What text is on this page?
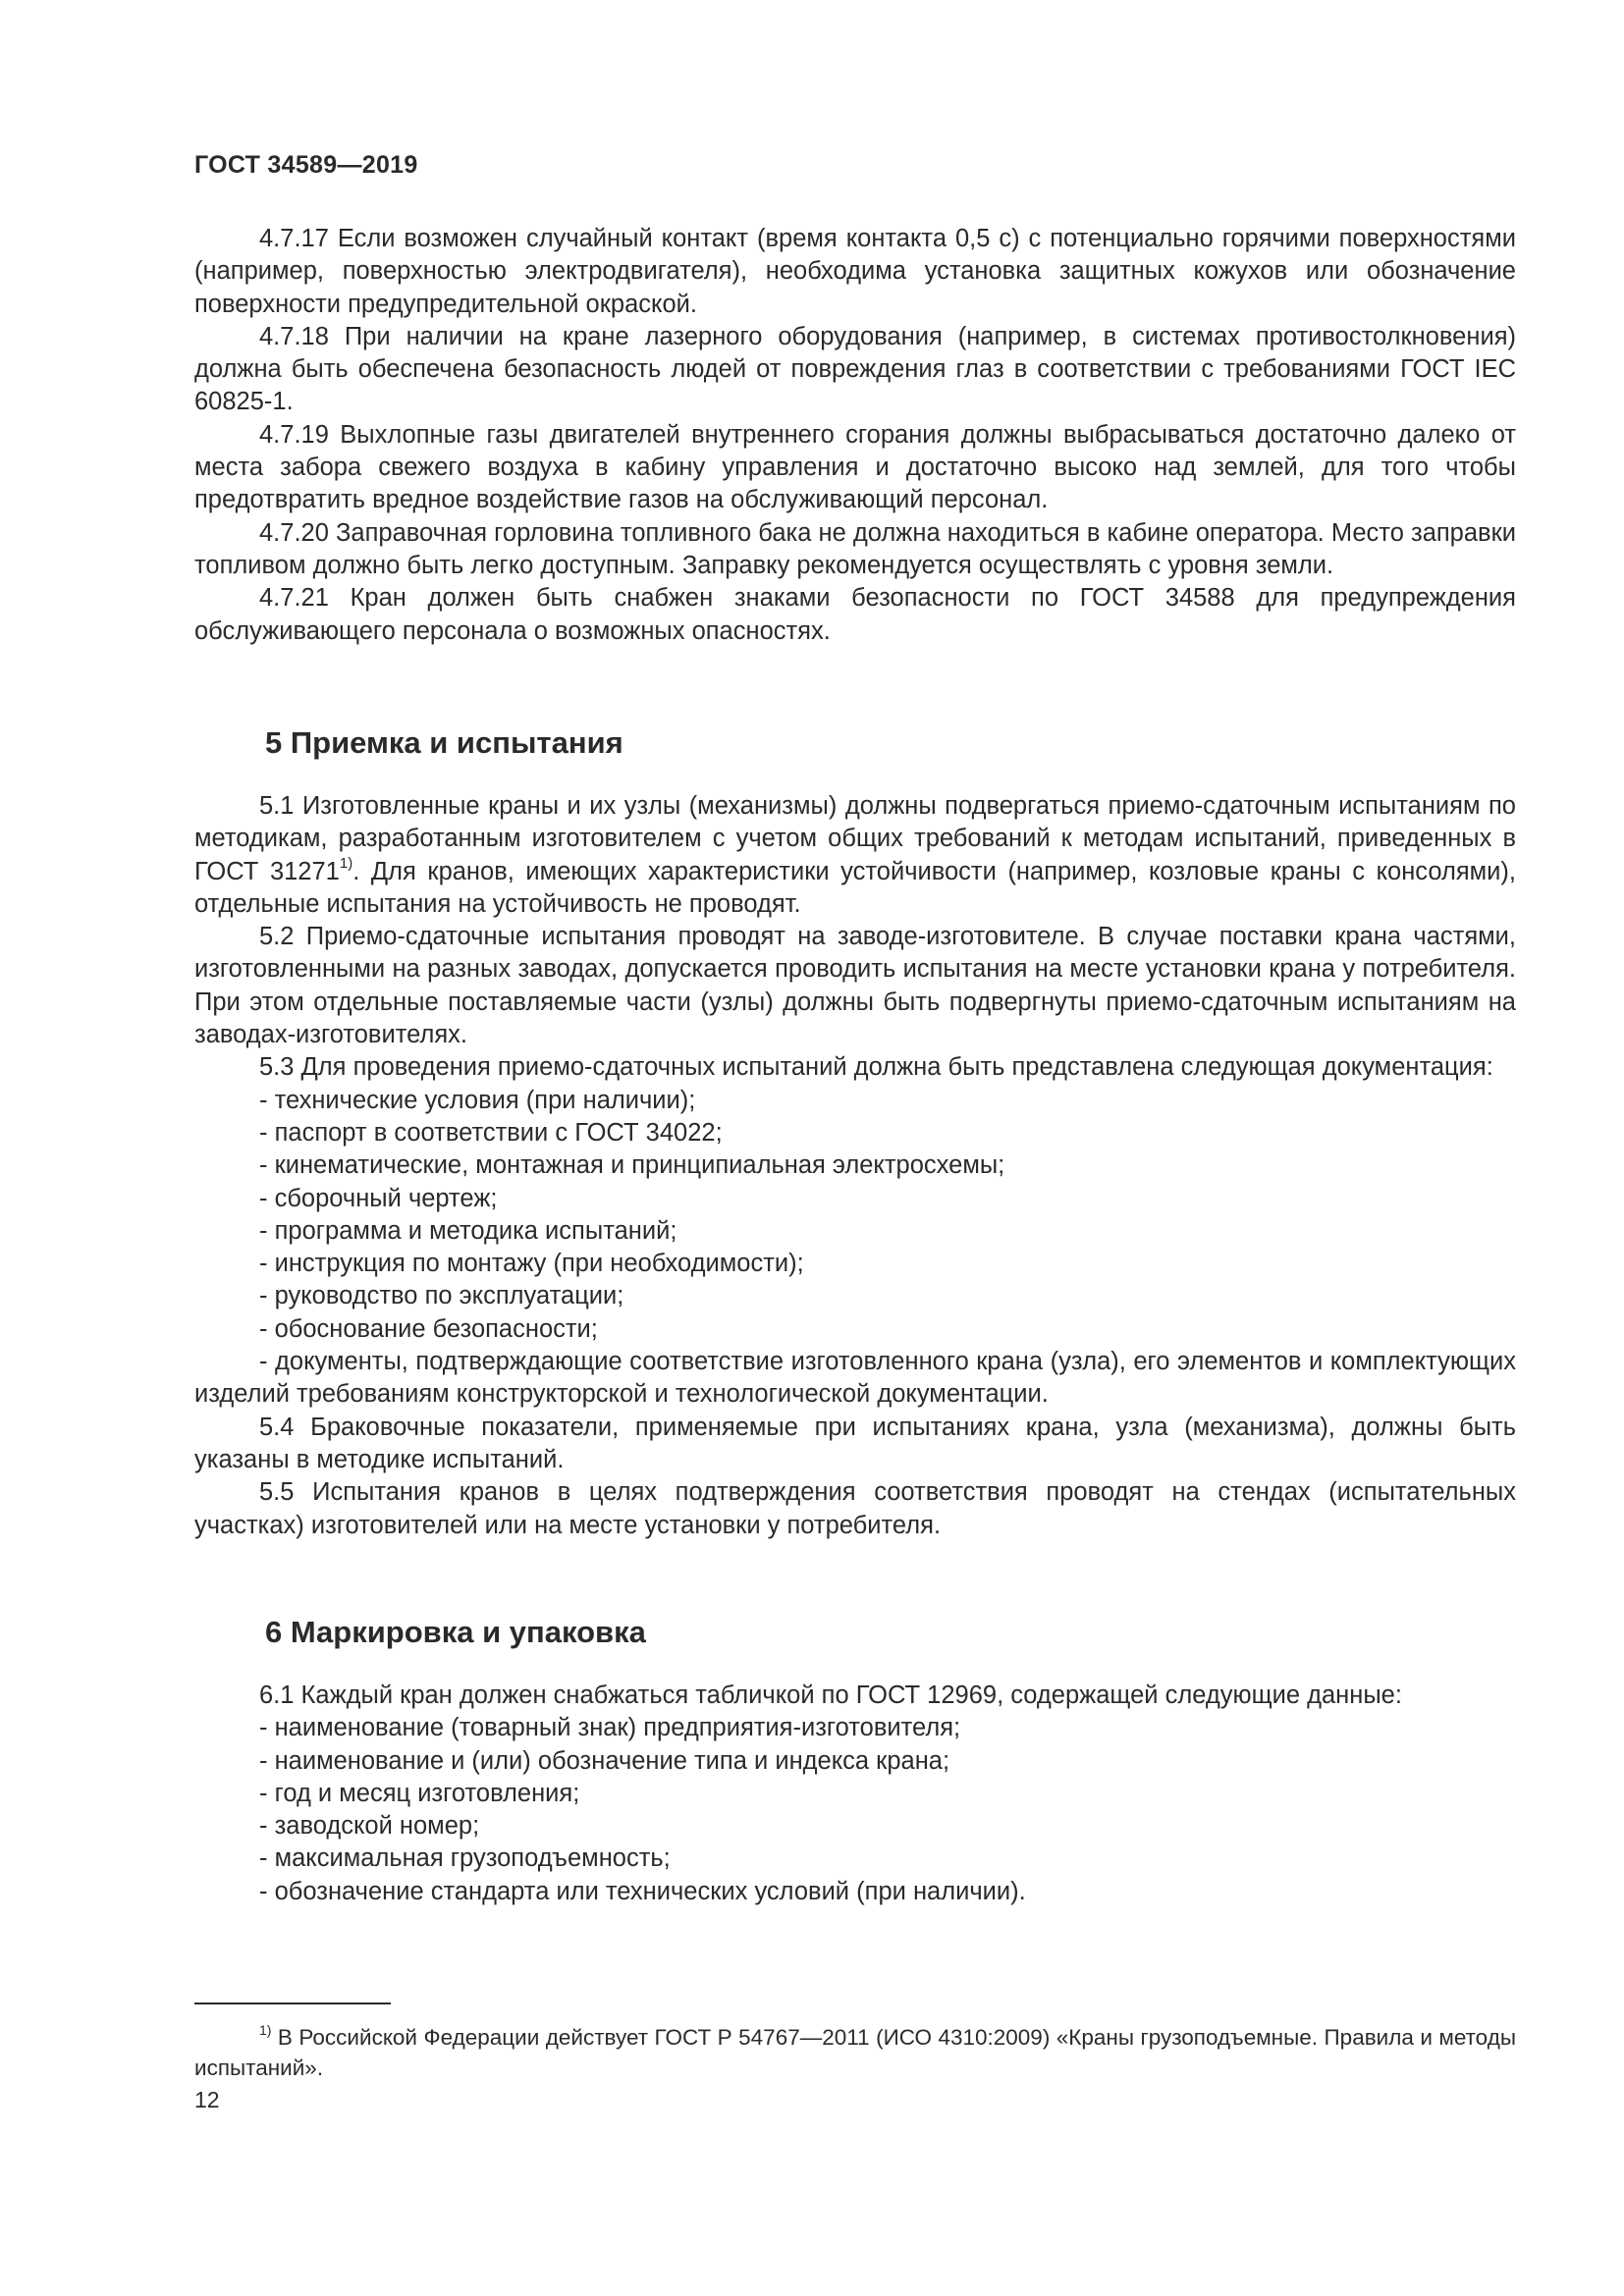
ГОСТ 34589—2019

4.7.17 Если возможен случайный контакт (время контакта 0,5 с) с потенциально горячими поверхностями (например, поверхностью электродвигателя), необходима установка защитных кожухов или обозначение поверхности предупредительной окраской.

4.7.18 При наличии на кране лазерного оборудования (например, в системах противостолкновения) должна быть обеспечена безопасность людей от повреждения глаз в соответствии с требованиями ГОСТ IEC 60825-1.

4.7.19 Выхлопные газы двигателей внутреннего сгорания должны выбрасываться достаточно далеко от места забора свежего воздуха в кабину управления и достаточно высоко над землей, для того чтобы предотвратить вредное воздействие газов на обслуживающий персонал.

4.7.20 Заправочная горловина топливного бака не должна находиться в кабине оператора. Место заправки топливом должно быть легко доступным. Заправку рекомендуется осуществлять с уровня земли.

4.7.21 Кран должен быть снабжен знаками безопасности по ГОСТ 34588 для предупреждения обслуживающего персонала о возможных опасностях.

5 Приемка и испытания

5.1 Изготовленные краны и их узлы (механизмы) должны подвергаться приемо-сдаточным испытаниям по методикам, разработанным изготовителем с учетом общих требований к методам испытаний, приведенных в ГОСТ 31271$^{1)}$. Для кранов, имеющих характеристики устойчивости (например, козловые краны с консолями), отдельные испытания на устойчивость не проводят.

5.2 Приемо-сдаточные испытания проводят на заводе-изготовителе. В случае поставки крана частями, изготовленными на разных заводах, допускается проводить испытания на месте установки крана у потребителя. При этом отдельные поставляемые части (узлы) должны быть подвергнуты приемо-сдаточным испытаниям на заводах-изготовителях.

5.3 Для проведения приемо-сдаточных испытаний должна быть представлена следующая документация:

- технические условия (при наличии);
- паспорт в соответствии с ГОСТ 34022;
- кинематические, монтажная и принципиальная электросхемы;
- сборочный чертеж;
- программа и методика испытаний;
- инструкция по монтажу (при необходимости);
- руководство по эксплуатации;
- обоснование безопасности;

- документы, подтверждающие соответствие изготовленного крана (узла), его элементов и комплектующих изделий требованиям конструкторской и технологической документации.

5.4 Браковочные показатели, применяемые при испытаниях крана, узла (механизма), должны быть указаны в методике испытаний.

5.5 Испытания кранов в целях подтверждения соответствия проводят на стендах (испытательных участках) изготовителей или на месте установки у потребителя.

6 Маркировка и упаковка
6.1 Каждый кран должен снабжаться табличкой по ГОСТ 12969, содержащей следующие данные:
- наименование (товарный знак) предприятия-изготовителя;
- наименование и (или) обозначение типа и индекса крана;
- год и месяц изготовления;
- заводской номер;
- максимальная грузоподъемность;
- обозначение стандарта или технических условий (при наличии).
$^{1)}$ В Российской Федерации действует ГОСТ Р 54767—2011 (ИСО 4310:2009) «Краны грузоподъемные. Правила и методы испытаний».
12
